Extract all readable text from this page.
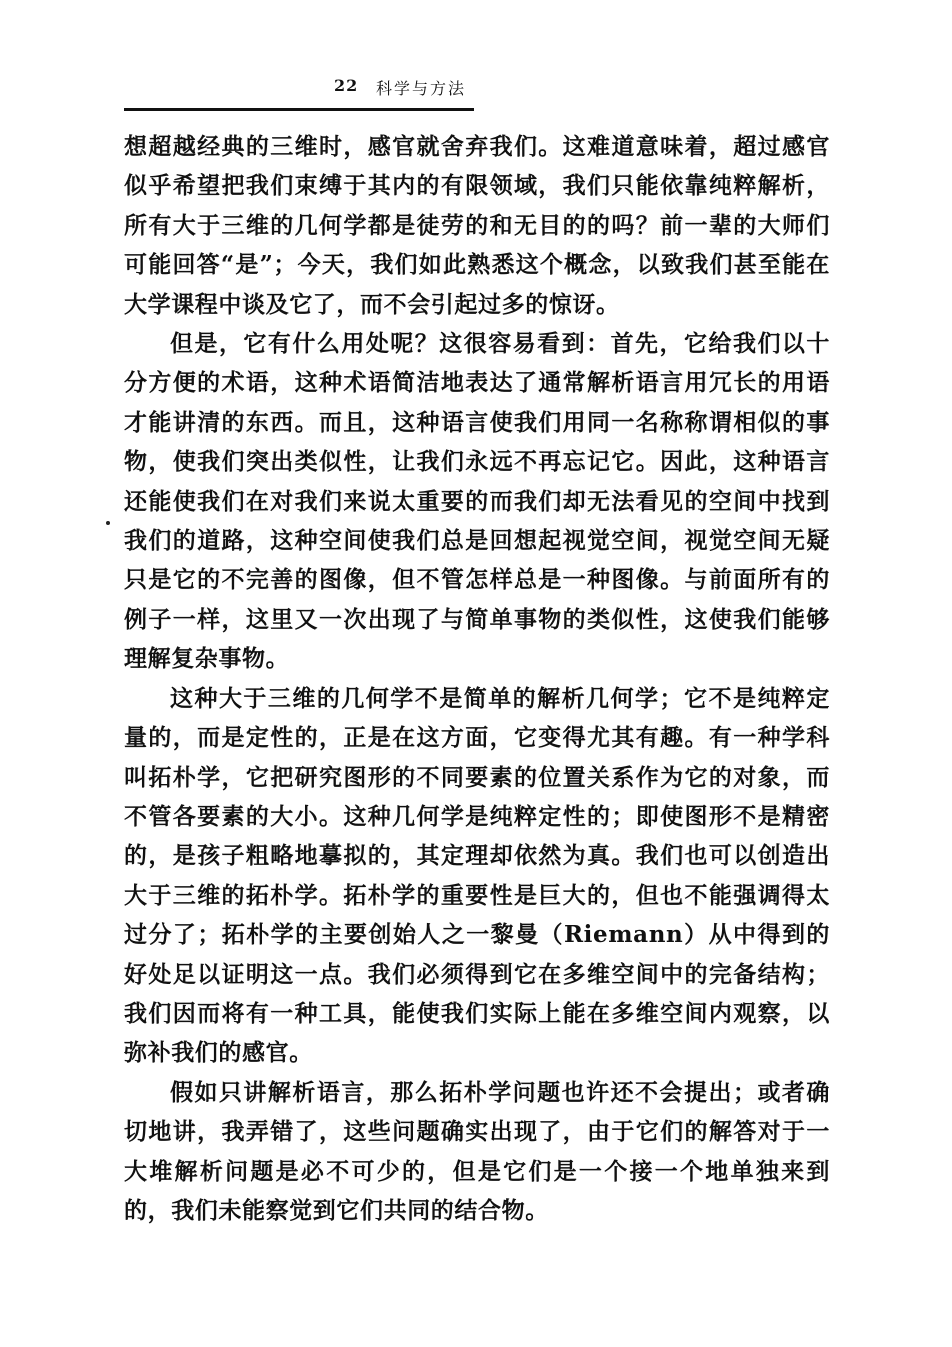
22 科学与方法

想超越经典的三维时，感官就舍弃我们。这难道意味着，超过感官似乎希望把我们束缚于其内的有限领域，我们只能依靠纯粹解析，所有大于三维的几何学都是徒劳的和无目的的吗？前一辈的大师们可能回答“是”；今天，我们如此熟悉这个概念，以致我们甚至能在大学课程中谈及它了，而不会引起过多的惊讶。

但是，它有什么用处呢？这很容易看到：首先，它给我们以十分方便的术语，这种术语简洁地表达了通常解析语言用冗长的用语才能讲清的东西。而且，这种语言使我们用同一名称称谓相似的事物，使我们突出类似性，让我们永远不再忘记它。因此，这种语言还能使我们在对我们来说太重要的而我们却无法看见的空间中找到我们的道路，这种空间使我们总是回想起视觉空间，视觉空间无疑只是它的不完善的图像，但不管怎样总是一种图像。与前面所有的例子一样，这里又一次出现了与简单事物的类似性，这使我们能够理解复杂事物。

这种大于三维的几何学不是简单的解析几何学；它不是纯粹定量的，而是定性的，正是在这方面，它变得尤其有趣。有一种学科叫拓朴学，它把研究图形的不同要素的位置关系作为它的对象，而不管各要素的大小。这种几何学是纯粹定性的；即使图形不是精密的，是孩子粗略地摹拟的，其定理却依然为真。我们也可以创造出大于三维的拓朴学。拓朴学的重要性是巨大的，但也不能强调得太过分了；拓朴学的主要创始人之一黎曼（Riemann）从中得到的好处足以证明这一点。我们必须得到它在多维空间中的完备结构；我们因而将有一种工具，能使我们实际上能在多维空间内观察，以弥补我们的感官。

假如只讲解析语言，那么拓朴学问题也许还不会提出；或者确切地讲，我弄错了，这些问题确实出现了，由于它们的解答对于一大堆解析问题是必不可少的，但是它们是一个接一个地单独来到的，我们未能察觉到它们共同的结合物。
